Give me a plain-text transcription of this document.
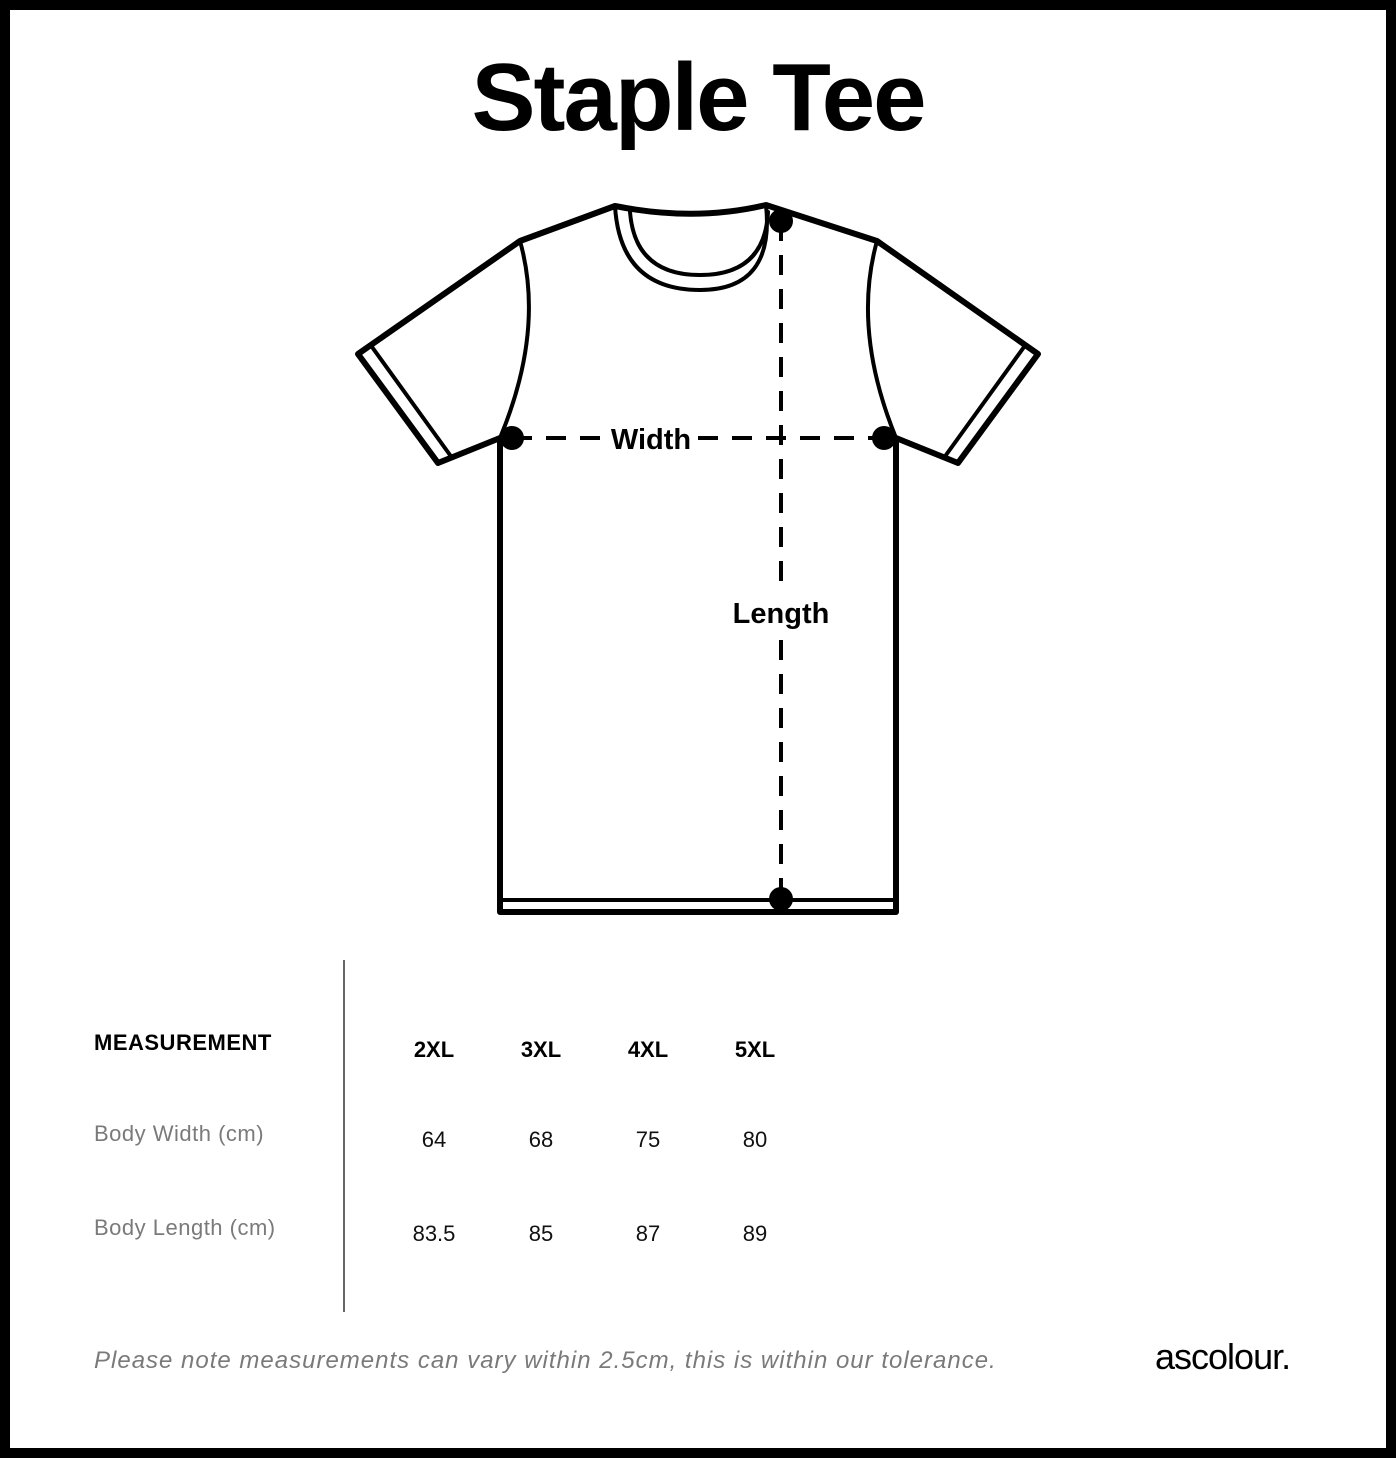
Staple Tee
Width
Length
MEASUREMENT	2XL	3XL	4XL	5XL
Body Width (cm)	64	68	75	80
Body Length (cm)	83.5	85	87	89
Please note measurements can vary within 2.5cm, this is within our tolerance.	ascolour.
